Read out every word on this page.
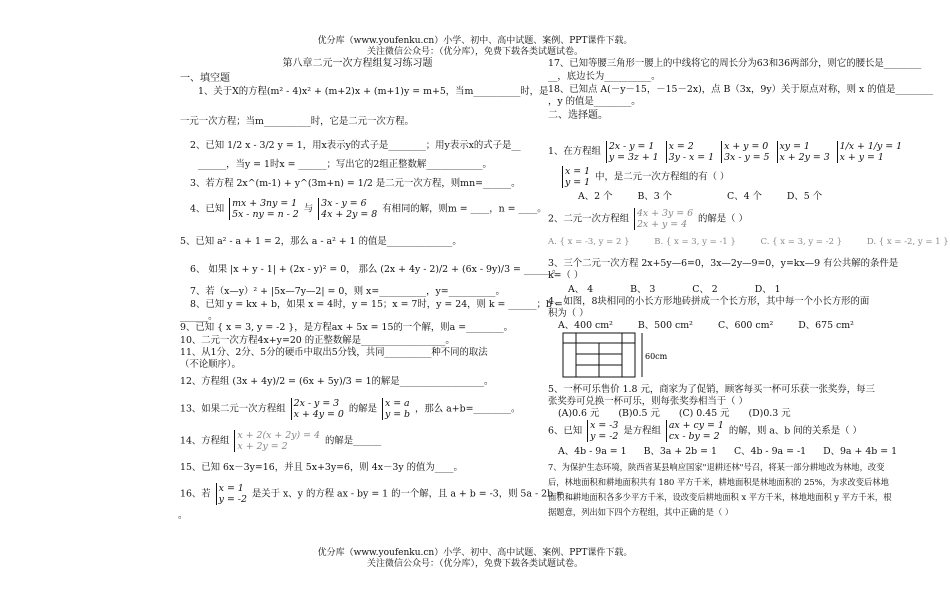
优分库（www.youfenku.cn）小学、初中、高中试题、案例、PPT课件下载。
关注微信公众号：（优分库），免费下载各类试题试卷。
第八章二元一次方程组复习练习题
一、填空题
1、关于X的方程(m² - 4)x² + (m+2)x + (m+1)y = m+5，当m__________时，是
一元一次方程；当m__________时，它是二元一次方程。
2、已知 1/2 x - 3/2 y = 1，用x表示y的式子是________；用y表示x的式子是__
______，当y = 1时x = ______；写出它的2组正整数解____________。
3、若方程 2x^(m-1) + y^(3m+n) = 1/2 是二元一次方程，则mn=______。
4、已知 mx + 3ny = 1
5x - ny = n - 2 与 3x - y = 6
4x + 2y = 8 有相同的解，则m = ____，n = ____。
5、已知 a² - a + 1 = 2，那么 a - a² + 1 的值是______________。
6、 如果 |x + y - 1| + (2x - y)² = 0， 那么 (2x + 4y - 2)/2 + (6x - 9y)/3 = ______。
7、若（x—y）² + |5x—7y—2| = 0，则 x=__________，y=__________。
8、已知 y = kx + b，如果 x = 4时，y = 15；x = 7时，y = 24，则 k = ______；b =
______。
9、已知 { x = 3, y = -2 }，是方程ax + 5x = 15的一个解，则a =________。
10、二元一次方程4x+y=20 的正整数解是__________________。
11、从1分、2分、5分的硬币中取出5分钱，共同__________种不同的取法
（不论顺序）。
12、方程组 (3x + 4y)/2 = (6x + 5y)/3 = 1的解是__________________。
13、如果二元一次方程组 2x - y = 3
x + 4y = 0 的解是 x = a
y = b ，那么 a+b=________。
14、方程组 x + 2(x + 2y) = 4
x + 2y = 2	的解是______
15、已知 6x－3y=16，并且 5x+3y=6，则 4x－3y 的值为____。
16、若 x = 1
y = -2 是关于 x、y 的方程 ax - by = 1 的一个解，且 a + b = -3，则 5a - 2b = __
。
17、已知等腰三角形一腰上的中线将它的周长分为63和36两部分，则它的腰长是________
__，底边长为__________。
18、已知点 A(－y－15，－15－2x)，点 B（3x，9y）关于原点对称，则 x 的值是________
，y 的值是________。
二、选择题。
1、在方程组 2x - y = 1
y = 3z + 1 x = 2
3y - x = 1 x + y = 0
3x - y = 5 xy = 1
x + 2y = 3 1/x + 1/y = 1
x + y = 1
x = 1
y = 1 中，是二元一次方程组的有（ ）
A、2 个	B、3 个	C、4 个	D、5 个
2、二元一次方程组 4x + 3y = 6
2x + y = 4 的解是（ ）
A. { x = -3, y = 2 }	B. { x = 3, y = -1 }	C. { x = 3, y = -2 }	D. { x = -2, y = 1 }
3、三个二元一次方程 2x+5y—6=0，3x—2y—9=0，y=kx—9 有公共解的条件是
k=（ ）
A、 4	B、 3	C、 2	D、 1
4、如图，8块相同的小长方形地砖拼成一个长方形，其中每一个小长方形的面
积为（ ）
A、400 cm²	B、500 cm²	C、600 cm²	D、675 cm²
60cm
5、一杯可乐售价 1.8 元，商家为了促销，顾客每买一杯可乐获一张奖券，每三
张奖券可兑换一杯可乐，则每张奖券相当于（ ）
(A)0.6 元 (B)0.5 元 (C) 0.45 元 (D)0.3 元
6、已知 x = -3
y = -2 是方程组 ax + cy = 1
cx - by = 2 的解，则 a、b 间的关系是（ ）
A、4b - 9a = 1 B、3a + 2b = 1 C、4b - 9a = -1 D、9a + 4b = 1
7、为保护生态环境，陕西省某县响应国家"退耕还林"号召，将某一部分耕地改为林地，改变后，林地面积和耕地面积共有 180 平方千米，耕地面积是林地面积的 25%，为求改变后林地面积和耕地面积各多少平方千米，设改变后耕地面积 x 平方千米，林地地面积 y 平方千米，根据题意，列出如下四个方程组，其中正确的是（ ）
优分库（www.youfenku.cn）小学、初中、高中试题、案例、PPT课件下载。
关注微信公众号：（优分库），免费下载各类试题试卷。
